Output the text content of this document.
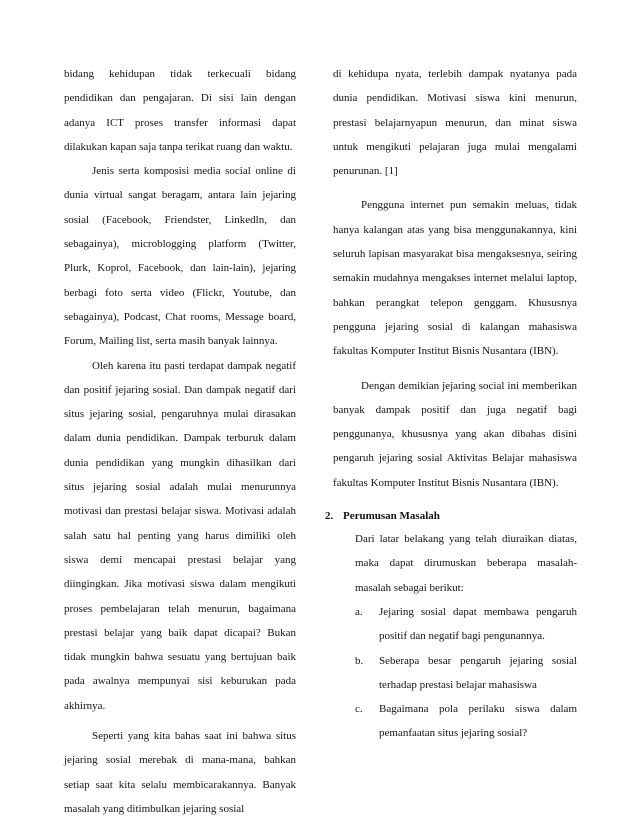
bidang kehidupan tidak terkecuali bidang pendidikan dan pengajaran. Di sisi lain dengan adanya ICT proses transfer informasi dapat dilakukan kapan saja tanpa terikat ruang dan waktu.

Jenis serta komposisi media social online di dunia virtual sangat beragam, antara lain jejaring sosial (Facebook, Friendster, Linkedln, dan sebagainya), microblogging platform (Twitter, Plurk, Koprol, Facebook, dan lain-lain), jejaring berbagi foto serta video (Flickr, Youtube, dan sebagainya), Podcast, Chat rooms, Message board, Forum, Mailing list, serta masih banyak lainnya.

Oleh karena itu pasti terdapat dampak negatif dan positif jejaring sosial. Dan dampak negatif dari situs jejaring sosial, pengaruhnya mulai dirasakan dalam dunia pendidikan. Dampak terburuk dalam dunia pendidikan yang mungkin dihasilkan dari situs jejaring sosial adalah mulai menurunnya motivasi dan prestasi belajar siswa. Motivasi adalah salah satu hal penting yang harus dimiliki oleh siswa demi mencapai prestasi belajar yang diingingkan. Jika motivasi siswa dalam mengikuti proses pembelajaran telah menurun, bagaimana prestasi belajar yang baik dapat dicapai? Bukan tidak mungkin bahwa sesuatu yang bertujuan baik pada awalnya mempunyai sisi keburukan pada akhirnya.

Seperti yang kita bahas saat ini bahwa situs jejaring sosial merebak di mana-mana, bahkan setiap saat kita selalu membicarakannya. Banyak masalah yang ditimbulkan jejaring sosial

di kehidupa nyata, terlebih dampak nyatanya pada dunia pendidikan. Motivasi siswa kini menurun, prestasi belajarnyapun menurun, dan minat siswa untuk mengikuti pelajaran juga mulai mengalami penurunan. [1]

Pengguna internet pun semakin meluas, tidak hanya kalangan atas yang bisa menggunakannya, kini seluruh lapisan masyarakat bisa mengaksesnya, seiring semakin mudahnya mengakses internet melalui laptop, bahkan perangkat telepon genggam. Khususnya pengguna jejaring sosial di kalangan mahasiswa fakultas Komputer Institut Bisnis Nusantara (IBN).

Dengan demikian jejaring social ini memberikan banyak dampak positif dan juga negatif bagi penggunanya, khususnya yang akan dibahas disini pengaruh jejaring sosial Aktivitas Belajar mahasiswa fakultas Komputer Institut Bisnis Nusantara (IBN).

2. Perumusan Masalah

Dari latar belakang yang telah diuraikan diatas, maka dapat dirumuskan beberapa masalah-masalah sebagai berikut:

a. Jejaring sosial dapat membawa pengaruh positif dan negatif bagi pengunannya.

b. Seberapa besar pengaruh jejaring sosial terhadap prestasi belajar mahasiswa

c. Bagaimana pola perilaku siswa dalam pemanfaatan situs jejaring sosial?
